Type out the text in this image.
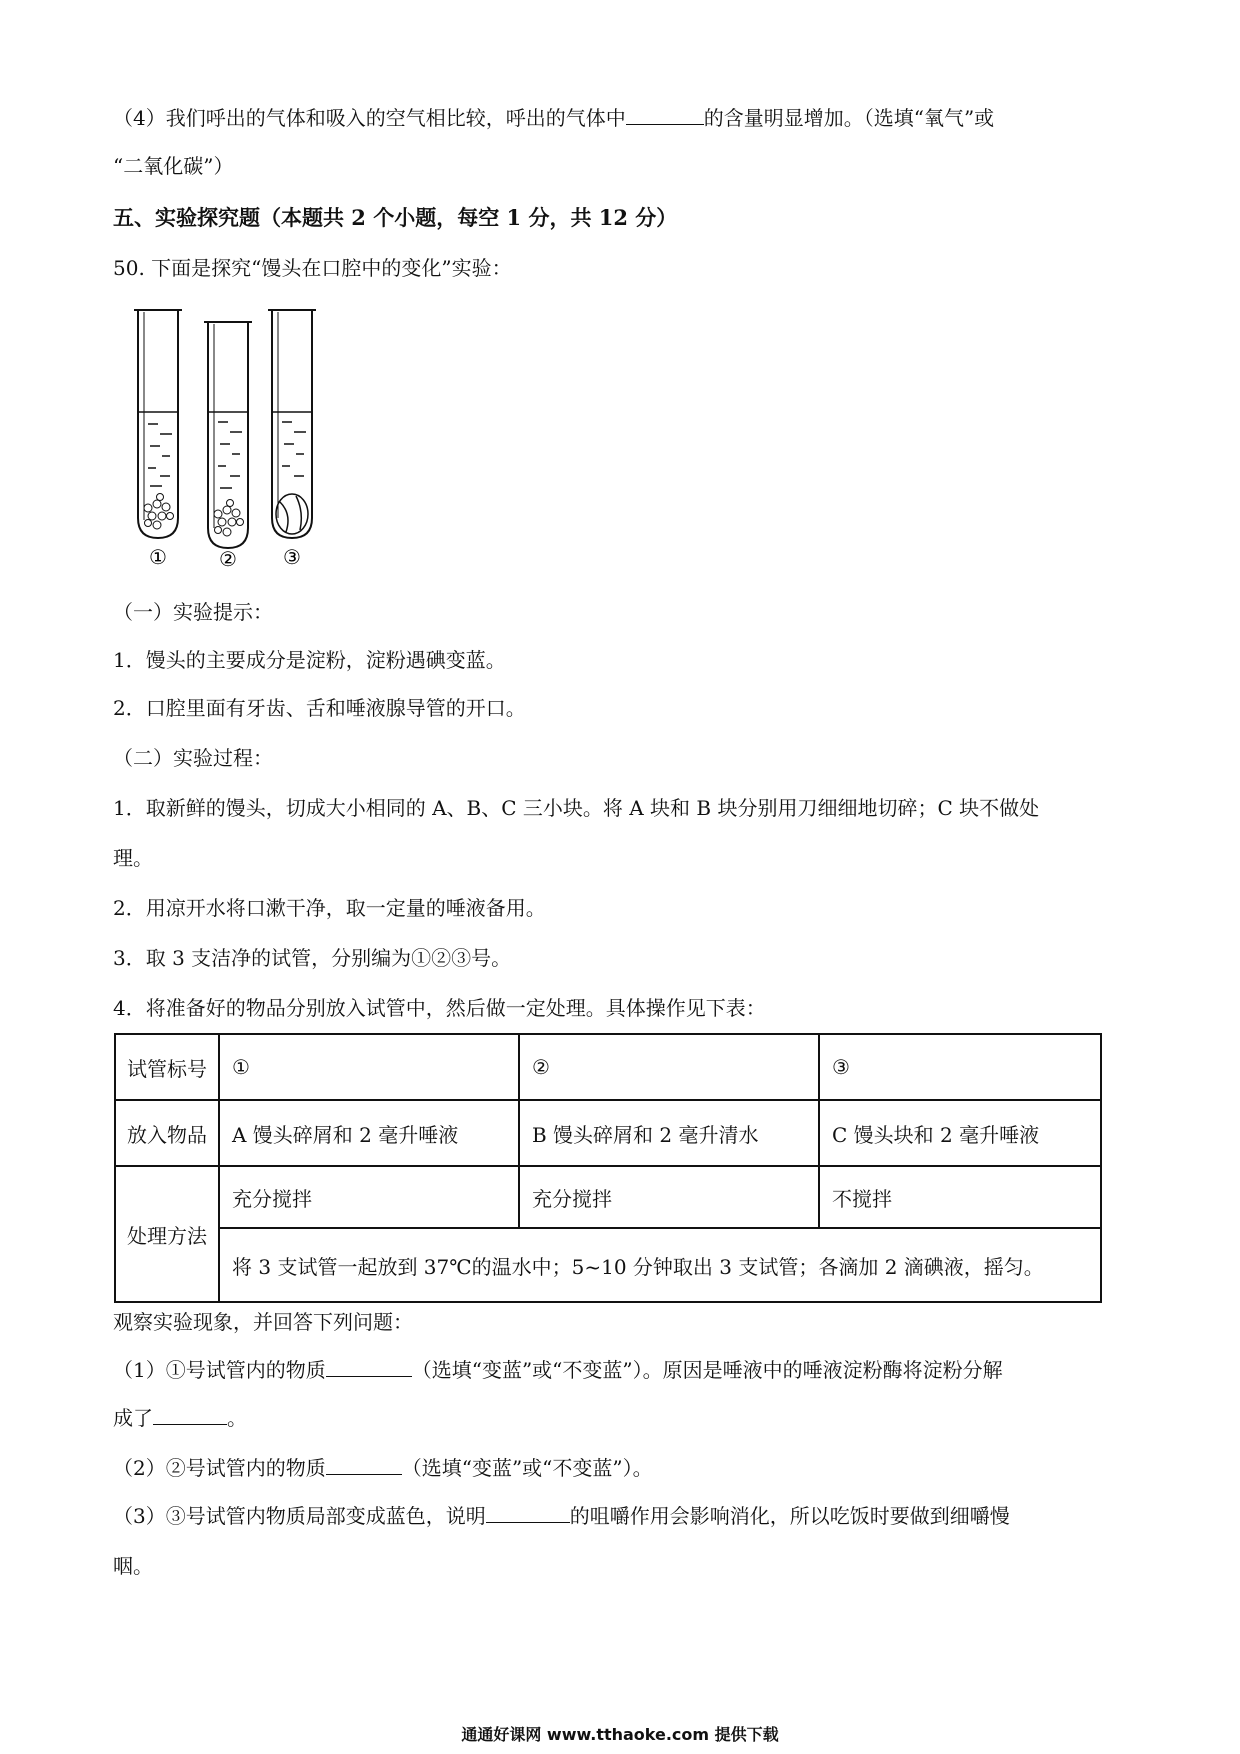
（4）我们呼出的气体和吸入的空气相比较，呼出的气体中	的含量明显增加。（选填“氧气”或
“二氧化碳”）
五、实验探究题（本题共 2 个小题，每空 1 分，共 12 分）
50. 下面是探究“馒头在口腔中的变化”实验：
①	② ③
（一）实验提示：
1．馒头的主要成分是淀粉，淀粉遇碘变蓝。
2．口腔里面有牙齿、舌和唾液腺导管的开口。
（二）实验过程：
1．取新鲜的馒头，切成大小相同的 A、B、C 三小块。将 A 块和 B 块分别用刀细细地切碎；C 块不做处
理。
2．用凉开水将口漱干净，取一定量的唾液备用。
3．取 3 支洁净的试管，分别编为①②③号。
4．将准备好的物品分别放入试管中，然后做一定处理。具体操作见下表：
试管标号	①	②	③
放入物品	A 馒头碎屑和 2 毫升唾液	B 馒头碎屑和 2 毫升清水	C 馒头块和 2 毫升唾液
处理方法	充分搅拌	充分搅拌	不搅拌
	将 3 支试管一起放到 37℃的温水中；5~10 分钟取出 3 支试管；各滴加 2 滴碘液，摇匀。		
观察实验现象，并回答下列问题：
（1）①号试管内的物质	（选填“变蓝”或“不变蓝”）。原因是唾液中的唾液淀粉酶将淀粉分解
成了	。
（2）②号试管内的物质	（选填“变蓝”或“不变蓝”）。
（3）③号试管内物质局部变成蓝色，说明	的咀嚼作用会影响消化，所以吃饭时要做到细嚼慢
咽。
通通好课网 www.tthaoke.com 提供下载
